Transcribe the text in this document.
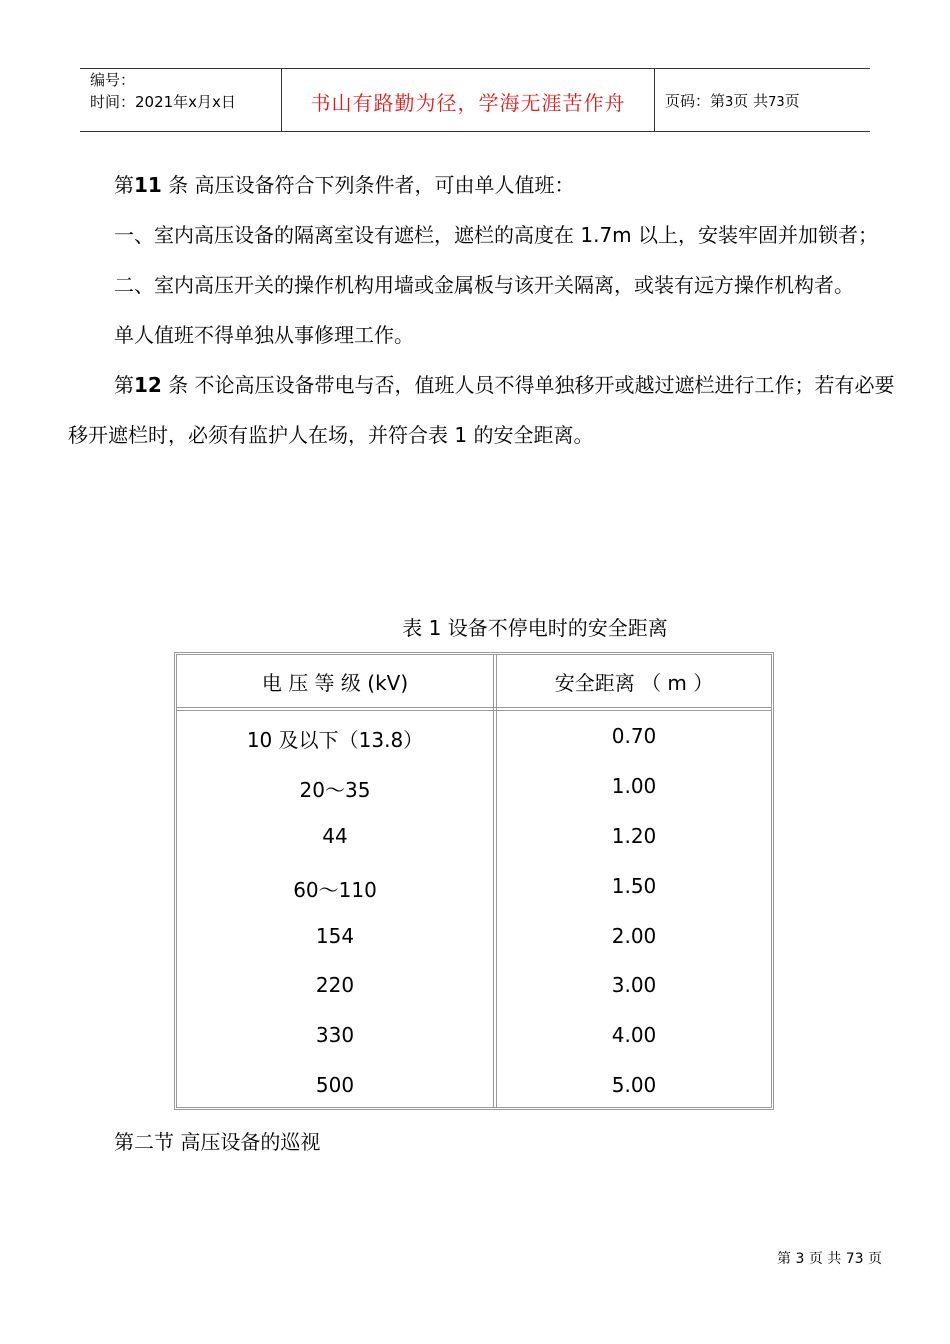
编号：
时间：2021年x月x日	书山有路勤为径，学海无涯苦作舟	页码：第3页 共73页

第11 条 高压设备符合下列条件者，可由单人值班：

一、室内高压设备的隔离室设有遮栏，遮栏的高度在 1.7m 以上，安装牢固并加锁者；

二、室内高压开关的操作机构用墙或金属板与该开关隔离，或装有远方操作机构者。

单人值班不得单独从事修理工作。

第12 条 不论高压设备带电与否，值班人员不得单独移开或越过遮栏进行工作；若有必要移开遮栏时，必须有监护人在场，并符合表 1 的安全距离。

表 1 设备不停电时的安全距离
电 压 等 级 (kV)	安全距离 （ m ）
10 及以下（13.8）	0.70
20～35	1.00
44	1.20
60～110	1.50
154	2.00
220	3.00
330	4.00
500	5.00
第二节 高压设备的巡视
第 3 页 共 73 页
